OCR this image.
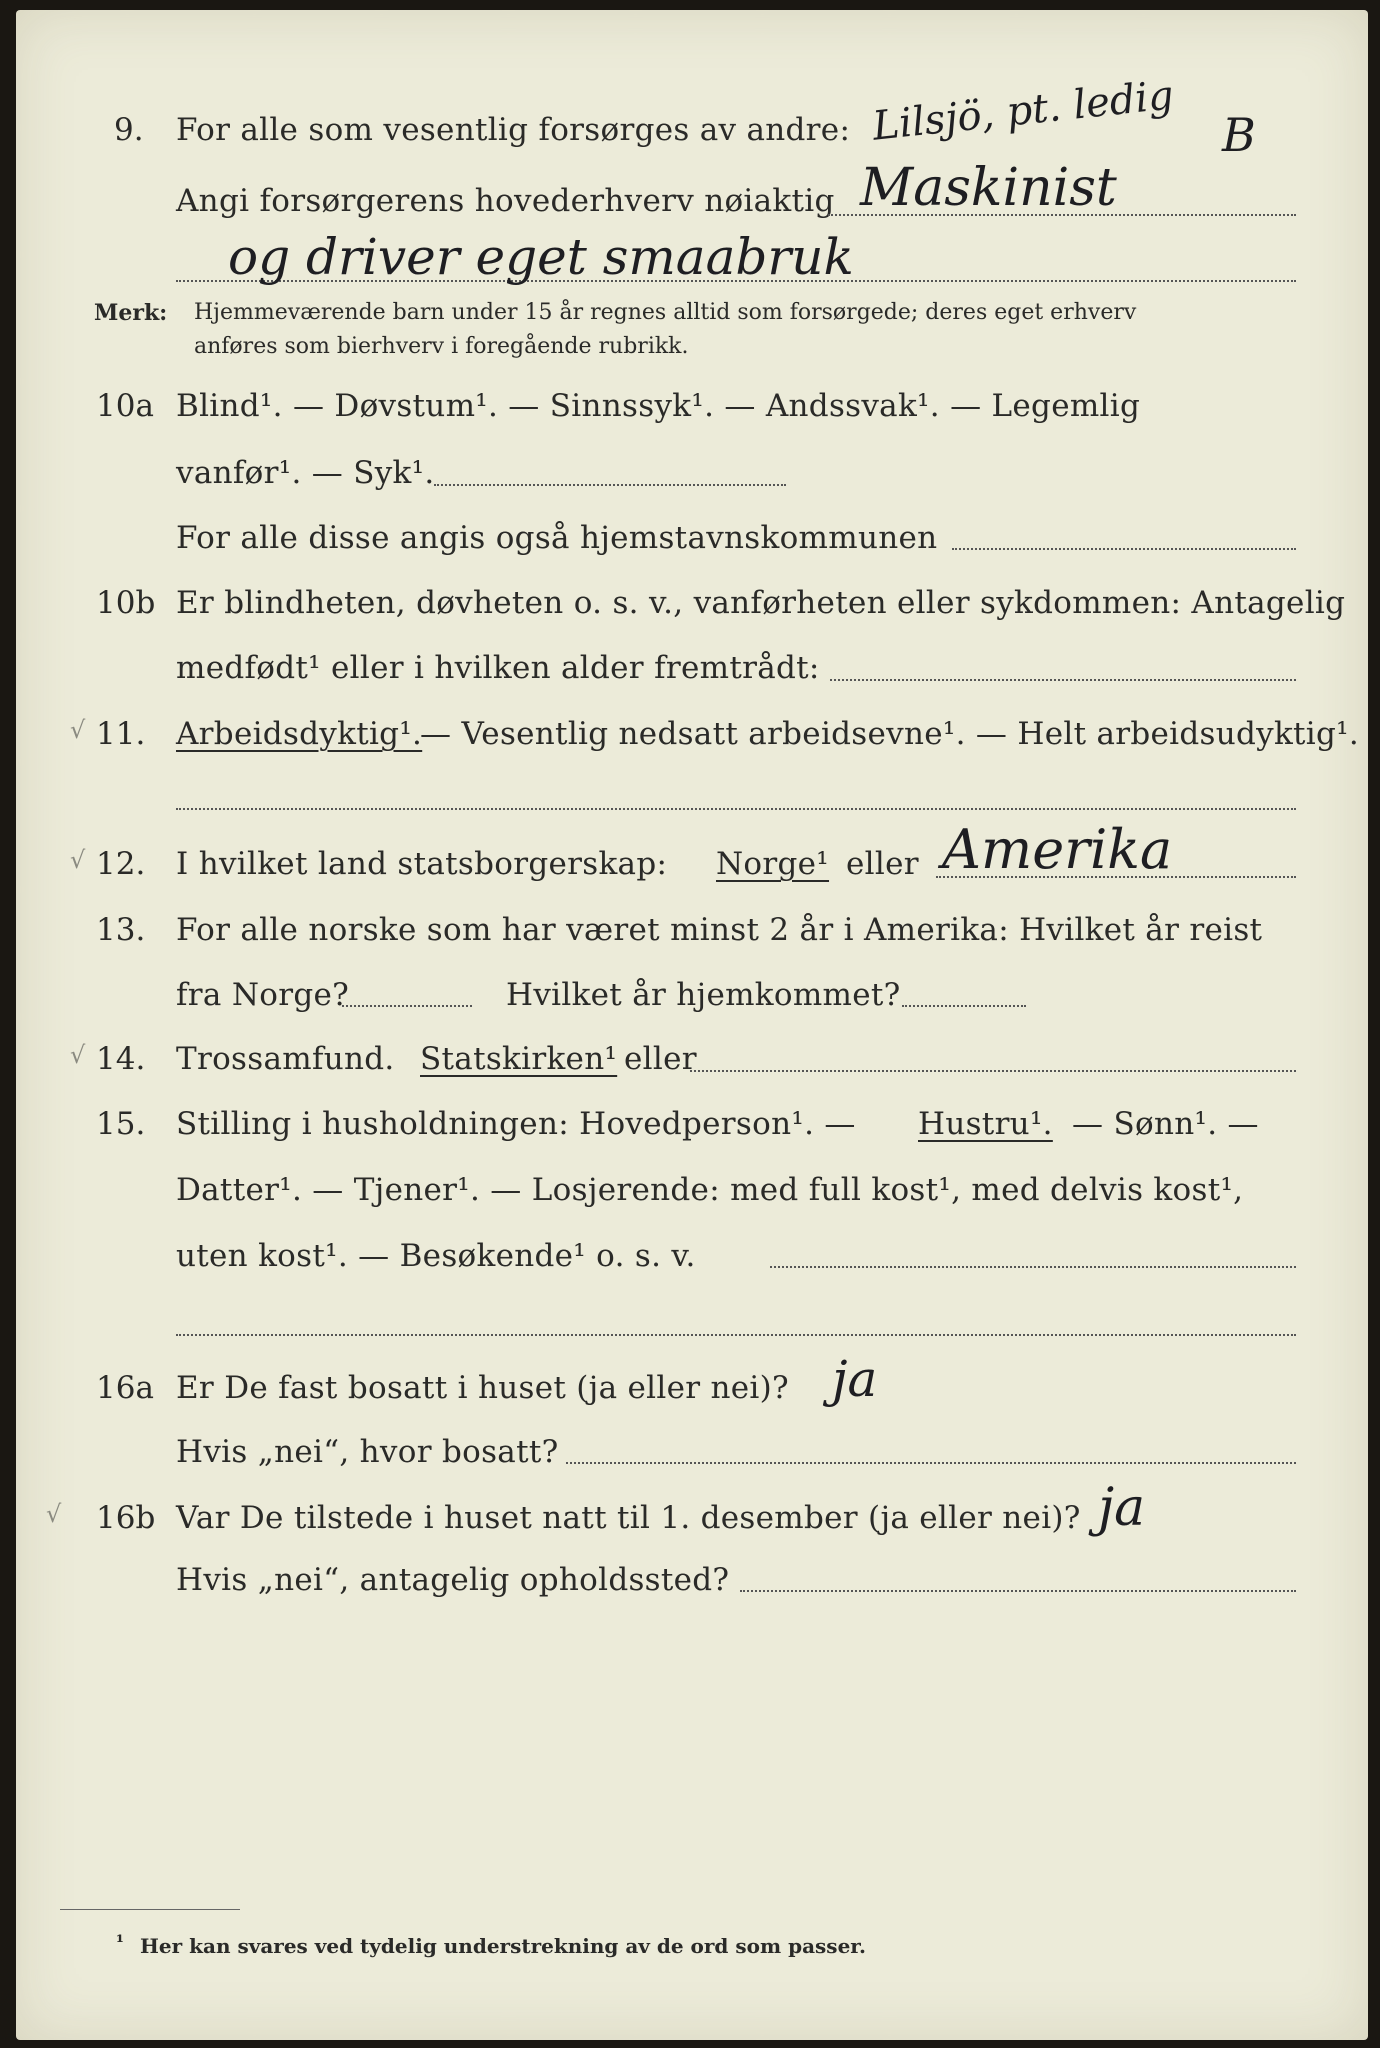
9. For alle som vesentlig forsørges av andre: Lilsjö, pt. ledig B
Angi forsørgerens hovederhverv nøiaktig Maskinist
og driver eget smaabruk
Merk: Hjemmeværende barn under 15 år regnes alltid som forsørgede; deres eget erhverv
anføres som bierhverv i foregående rubrikk.
10a Blind¹. — Døvstum¹. — Sinnssyk¹. — Andssvak¹. — Legemlig
vanfør¹. — Syk¹.
For alle disse angis også hjemstavnskommunen
10b Er blindheten, døvheten o. s. v., vanførheten eller sykdommen: Antagelig
medfødt¹ eller i hvilken alder fremtrådt:
√ 11. Arbeidsdyktig¹.
— Vesentlig nedsatt arbeidsevne¹. — Helt arbeidsudyktig¹.
√ 12. I hvilket land statsborgerskap: Norge¹ eller Amerika
13. For alle norske som har været minst 2 år i Amerika: Hvilket år reist
fra Norge?	Hvilket år hjemkommet?
√ 14. Trossamfund. Statskirken¹ eller
15. Stilling i husholdningen: Hovedperson¹. — Hustru¹. — Sønn¹. —
Datter¹. — Tjener¹. — Losjerende: med full kost¹, med delvis kost¹,
uten kost¹. — Besøkende¹ o. s. v.
16a Er De fast bosatt i huset (ja eller nei)? ja
Hvis „nei“, hvor bosatt?
√ 16b Var De tilstede i huset natt til 1. desember (ja eller nei)? ja
Hvis „nei“, antagelig opholdssted?
¹ Her kan svares ved tydelig understrekning av de ord som passer.
